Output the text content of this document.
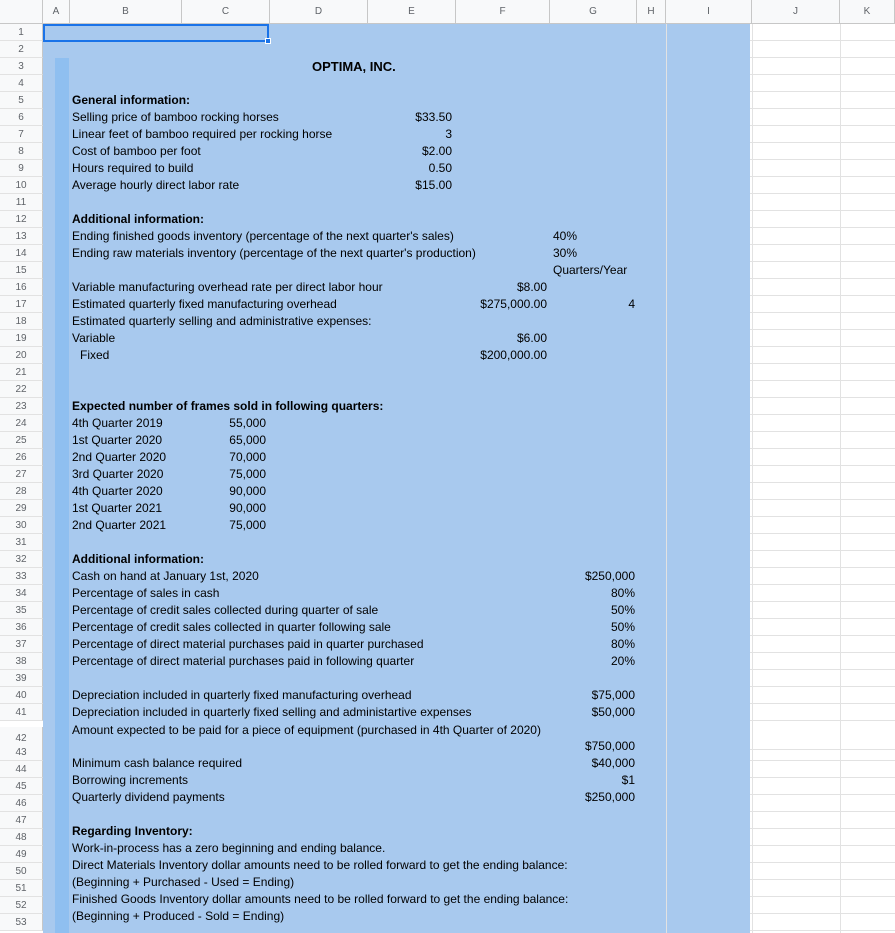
A	B	C	D	E	F	G	H	I	J	K
1
2
3
4
5
6
7
8
9
10
11
12
13
14
15
16
17
18
19
20
21
22
23
24
25
26
27
28
29
30
31
32
33
34
35
36
37
38
39
40
41
42
43
44
45
46
47
48
49
50
51
52
53
OPTIMA, INC.
General information:
Selling price of bamboo rocking horses	$33.50
Linear feet of bamboo required per rocking horse	3
Cost of bamboo per foot	$2.00
Hours required to build	0.50
Average hourly direct labor rate	$15.00
Additional information:
Ending finished goods inventory (percentage of the next quarter's sales)	40%
Ending raw materials inventory (percentage of the next quarter's production)	30%
Quarters/Year
Variable manufacturing overhead rate per direct labor hour	$8.00
Estimated quarterly fixed manufacturing overhead	$275,000.00	4
Estimated quarterly selling and administrative expenses:
Variable	$6.00
Fixed	$200,000.00
Expected number of frames sold in following quarters:
4th Quarter 2019	55,000
1st Quarter 2020	65,000
2nd Quarter 2020	70,000
3rd Quarter 2020	75,000
4th Quarter 2020	90,000
1st Quarter 2021	90,000
2nd Quarter 2021	75,000
Additional information:
Cash on hand at January 1st, 2020	$250,000
Percentage of sales in cash	80%
Percentage of credit sales collected during quarter of sale	50%
Percentage of credit sales collected in quarter following sale	50%
Percentage of direct material purchases paid in quarter purchased	80%
Percentage of direct material purchases paid in following quarter	20%
Depreciation included in quarterly fixed manufacturing overhead	$75,000
Depreciation included in quarterly fixed selling and administartive expenses	$50,000
Amount expected to be paid for a piece of equipment (purchased in 4th Quarter of 2020)
$750,000
Minimum cash balance required	$40,000
Borrowing increments	$1
Quarterly dividend payments	$250,000
Regarding Inventory:
Work-in-process has a zero beginning and ending balance.
Direct Materials Inventory dollar amounts need to be rolled forward to get the ending balance:
(Beginning + Purchased - Used = Ending)
Finished Goods Inventory dollar amounts need to be rolled forward to get the ending balance:
(Beginning + Produced - Sold = Ending)
